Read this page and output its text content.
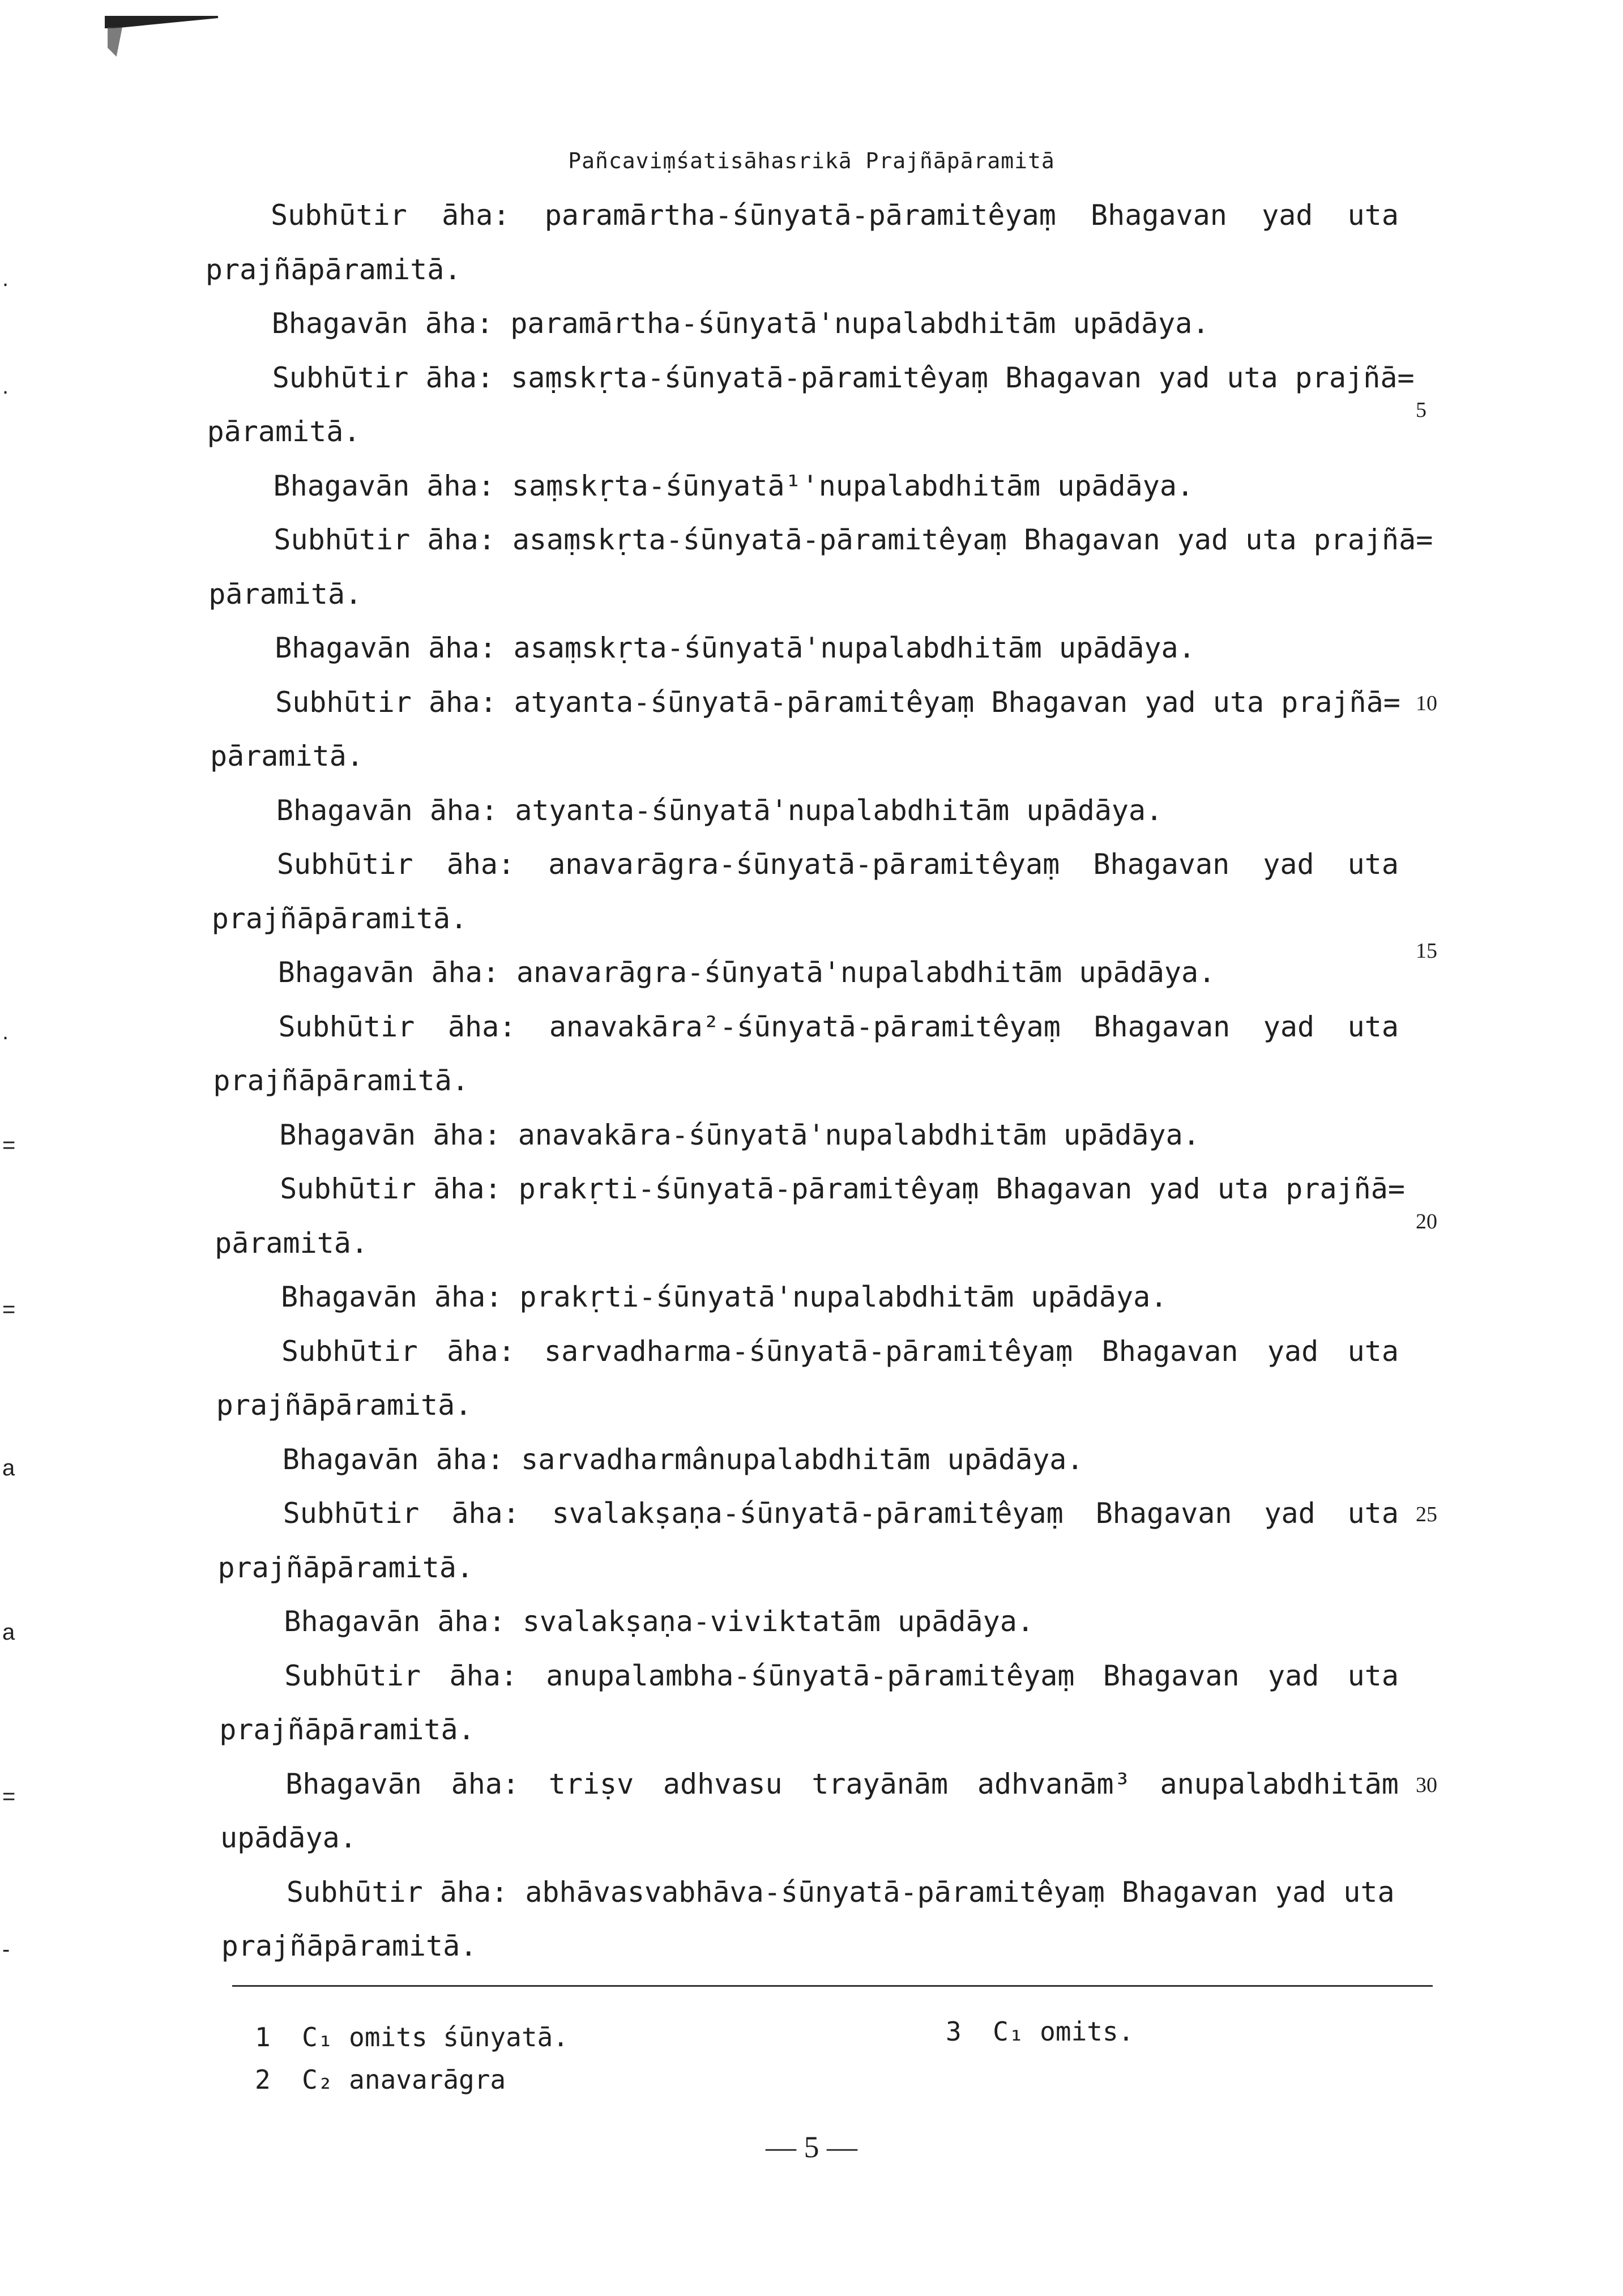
Pañcaviṃśatisāhasrikā Prajñāpāramitā
Subhūtir āha: paramārtha-śūnyatā-pāramitêyaṃ Bhagavan yad uta
prajñāpāramitā.
Bhagavān āha: paramārtha-śūnyatā'nupalabdhitām upādāya.
Subhūtir āha: saṃskṛta-śūnyatā-pāramitêyaṃ Bhagavan yad uta prajñā=
pāramitā.
Bhagavān āha: saṃskṛta-śūnyatā¹'nupalabdhitām upādāya.
Subhūtir āha: asaṃskṛta-śūnyatā-pāramitêyaṃ Bhagavan yad uta prajñā=
pāramitā.
Bhagavān āha: asaṃskṛta-śūnyatā'nupalabdhitām upādāya.
Subhūtir āha: atyanta-śūnyatā-pāramitêyaṃ Bhagavan yad uta prajñā=
pāramitā.
Bhagavān āha: atyanta-śūnyatā'nupalabdhitām upādāya.
Subhūtir āha: anavarāgra-śūnyatā-pāramitêyaṃ Bhagavan yad uta
prajñāpāramitā.
Bhagavān āha: anavarāgra-śūnyatā'nupalabdhitām upādāya.
Subhūtir āha: anavakāra²-śūnyatā-pāramitêyaṃ Bhagavan yad uta
prajñāpāramitā.
Bhagavān āha: anavakāra-śūnyatā'nupalabdhitām upādāya.
Subhūtir āha: prakṛti-śūnyatā-pāramitêyaṃ Bhagavan yad uta prajñā=
pāramitā.
Bhagavān āha: prakṛti-śūnyatā'nupalabdhitām upādāya.
Subhūtir āha: sarvadharma-śūnyatā-pāramitêyaṃ Bhagavan yad uta
prajñāpāramitā.
Bhagavān āha: sarvadharmânupalabdhitām upādāya.
Subhūtir āha: svalakṣaṇa-śūnyatā-pāramitêyaṃ Bhagavan yad uta
prajñāpāramitā.
Bhagavān āha: svalakṣaṇa-viviktatām upādāya.
Subhūtir āha: anupalambha-śūnyatā-pāramitêyaṃ Bhagavan yad uta
prajñāpāramitā.
Bhagavān āha: triṣv adhvasu trayānām adhvanām³ anupalabdhitām
upādāya.
Subhūtir āha: abhāvasvabhāva-śūnyatā-pāramitêyaṃ Bhagavan yad uta
prajñāpāramitā.
5
10
15
20
25
30
.
.
.
=
=
a
a
=
-
1 C₁ omits śūnyatā.
2 C₂ anavarāgra
3 C₁ omits.
— 5 —
